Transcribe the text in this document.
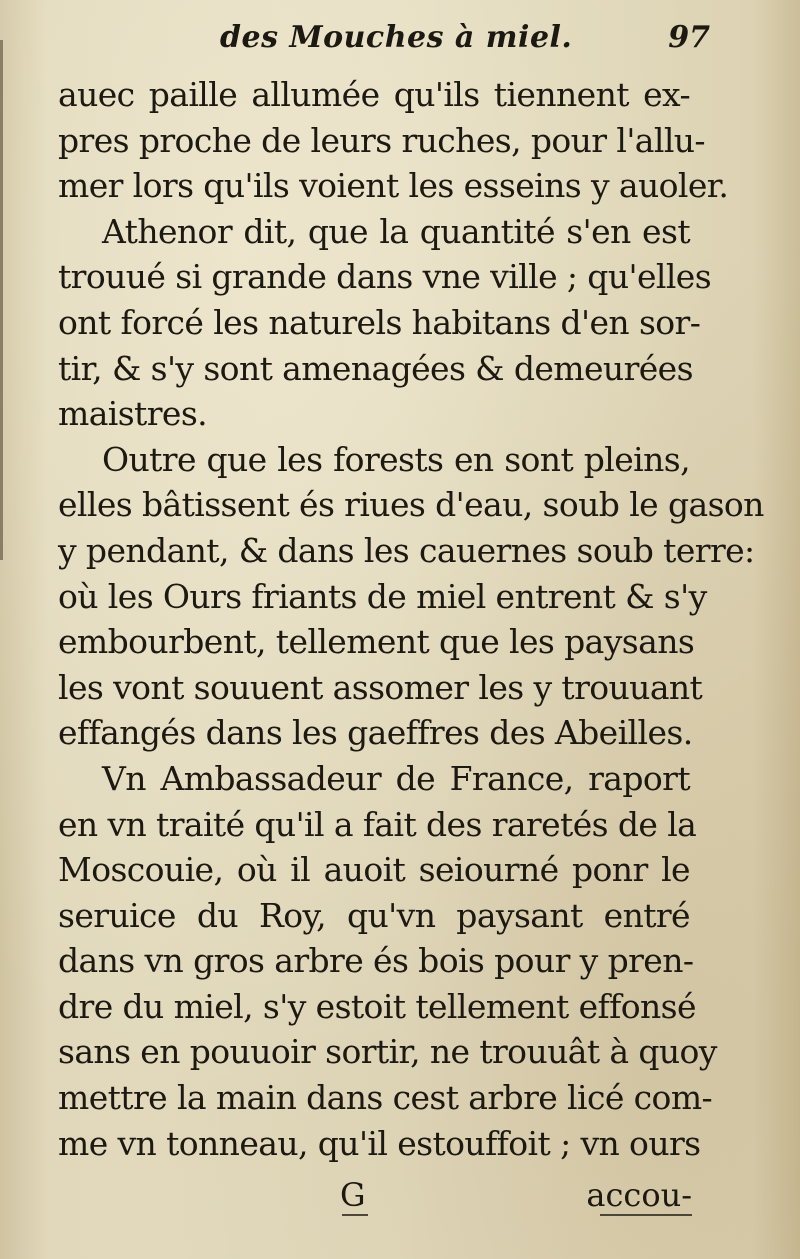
des Mouches à miel.	97
auec paille allumée qu'ils tiennent ex-
pres proche de leurs ruches, pour l'allu-
mer lors qu'ils voient les esseins y auoler.
Athenor dit, que la quantité s'en est
trouué si grande dans vne ville ; qu'elles
ont forcé les naturels habitans d'en sor-
tir, & s'y sont amenagées & demeurées
maistres.
Outre que les forests en sont pleins,
elles bâtissent és riues d'eau, soub le gason
y pendant, & dans les cauernes soub terre:
où les Ours friants de miel entrent & s'y
embourbent, tellement que les paysans
les vont souuent assomer les y trouuant
effangés dans les gaeffres des Abeilles.
Vn Ambassadeur de France, raport
en vn traité qu'il a fait des raretés de la
Moscouie, où il auoit seiourné ponr le
seruice du Roy, qu'vn paysant entré
dans vn gros arbre és bois pour y pren-
dre du miel, s'y estoit tellement effonsé
sans en pouuoir sortir, ne trouuât à quoy
mettre la main dans cest arbre licé com-
me vn tonneau, qu'il estouffoit ; vn ours
G	accou-
